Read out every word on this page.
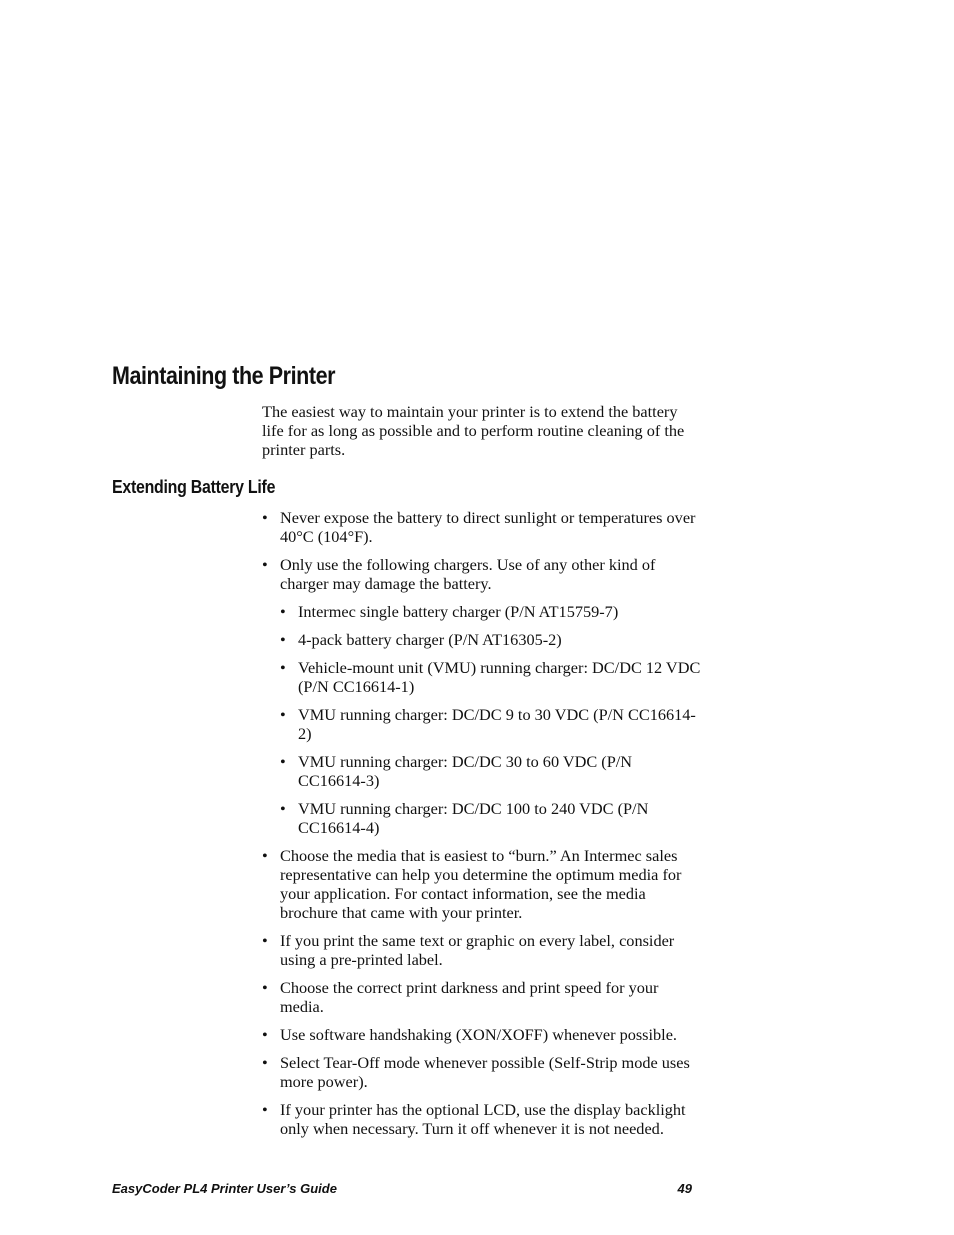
Maintaining the Printer

The easiest way to maintain your printer is to extend the battery life for as long as possible and to perform routine cleaning of the printer parts.

Extending Battery Life
• Never expose the battery to direct sunlight or temperatures over 40°C (104°F).
• Only use the following chargers. Use of any other kind of charger may damage the battery.
• Intermec single battery charger (P/N AT15759-7)
• 4-pack battery charger (P/N AT16305-2)
• Vehicle-mount unit (VMU) running charger: DC/DC 12 VDC (P/N CC16614-1)
• VMU running charger: DC/DC 9 to 30 VDC (P/N CC16614-2)
• VMU running charger: DC/DC 30 to 60 VDC (P/N CC16614-3)
• VMU running charger: DC/DC 100 to 240 VDC (P/N CC16614-4)
• Choose the media that is easiest to “burn.” An Intermec sales representative can help you determine the optimum media for your application. For contact information, see the media brochure that came with your printer.
• If you print the same text or graphic on every label, consider using a pre-printed label.
• Choose the correct print darkness and print speed for your media.
• Use software handshaking (XON/XOFF) whenever possible.
• Select Tear-Off mode whenever possible (Self-Strip mode uses more power).
• If your printer has the optional LCD, use the display backlight only when necessary. Turn it off whenever it is not needed.
EasyCoder PL4 Printer User’s Guide	49
